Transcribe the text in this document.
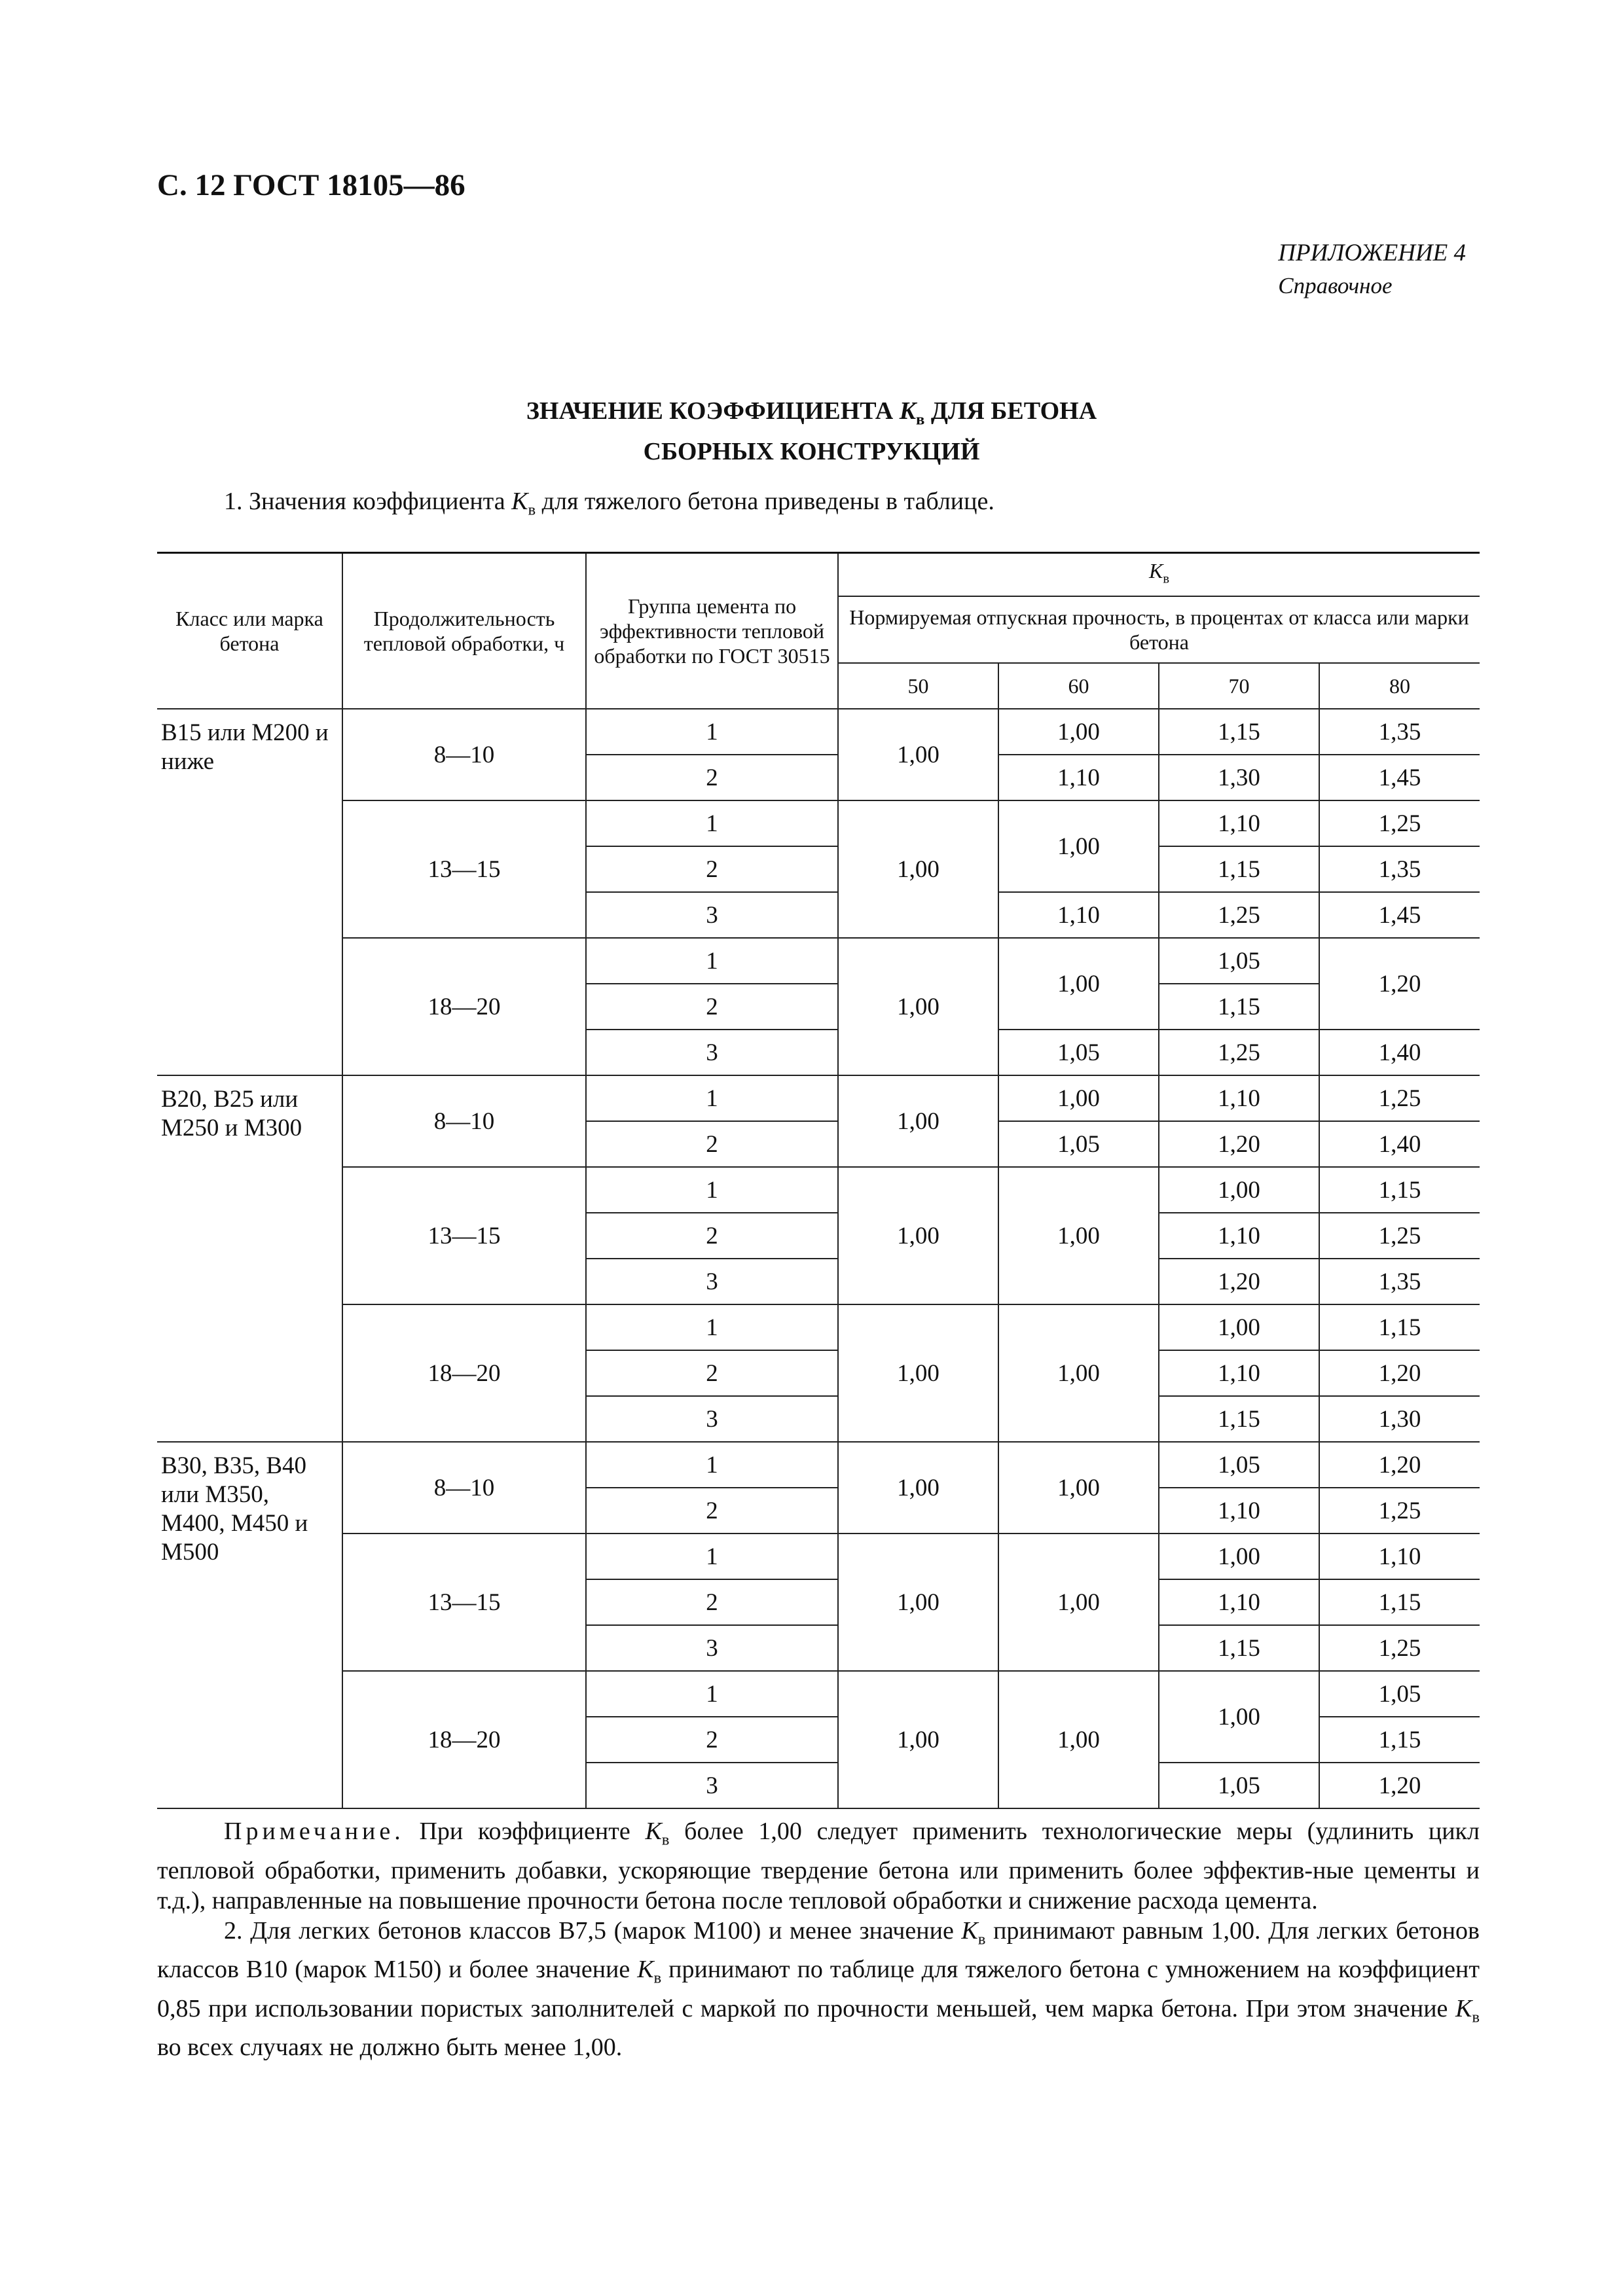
С. 12 ГОСТ 18105—86
ПРИЛОЖЕНИЕ 4
Справочное
ЗНАЧЕНИЕ КОЭФФИЦИЕНТА $K_в$ ДЛЯ БЕТОНА
СБОРНЫХ КОНСТРУКЦИЙ
1. Значения коэффициента $K_в$ для тяжелого бетона приведены в таблице.
Класс или марка бетона	Продолжительность тепловой обработки, ч	Группа цемента по эффективности тепловой обработки по ГОСТ 30515	$K_в$
			Нормируемая отпускная прочность, в процентах от класса или марки бетона			
			50	60	70	80
В15 или М200 и ниже	8—10	1	1,00	1,00	1,15	1,35
		2		1,10	1,30	1,45
	13—15	1	1,00	1,00	1,10	1,25
		2			1,15	1,35
		3		1,10	1,25	1,45
	18—20	1	1,00	1,00	1,05	1,20
		2			1,15	
		3		1,05	1,25	1,40
В20, В25 или М250 и М300	8—10	1	1,00	1,00	1,10	1,25
		2		1,05	1,20	1,40
	13—15	1	1,00	1,00	1,00	1,15
		2			1,10	1,25
		3			1,20	1,35
	18—20	1	1,00	1,00	1,00	1,15
		2			1,10	1,20
		3			1,15	1,30
В30, В35, В40 или М350, М400, М450 и М500	8—10	1	1,00	1,00	1,05	1,20
		2			1,10	1,25
	13—15	1	1,00	1,00	1,00	1,10
		2			1,10	1,15
		3			1,15	1,25
	18—20	1	1,00	1,00	1,00	1,05
		2				1,15
		3			1,05	1,20

Примечание. При коэффициенте $K_в$ более 1,00 следует применить технологические меры (удлинить цикл тепловой обработки, применить добавки, ускоряющие твердение бетона или применить более эффектив-ные цементы и т.д.), направленные на повышение прочности бетона после тепловой обработки и снижение расхода цемента.

2. Для легких бетонов классов В7,5 (марок М100) и менее значение $K_в$ принимают равным 1,00. Для легких бетонов классов В10 (марок М150) и более значение $K_в$ принимают по таблице для тяжелого бетона с умножением на коэффициент 0,85 при использовании пористых заполнителей с маркой по прочности меньшей, чем марка бетона. При этом значение $K_в$ во всех случаях не должно быть менее 1,00.
